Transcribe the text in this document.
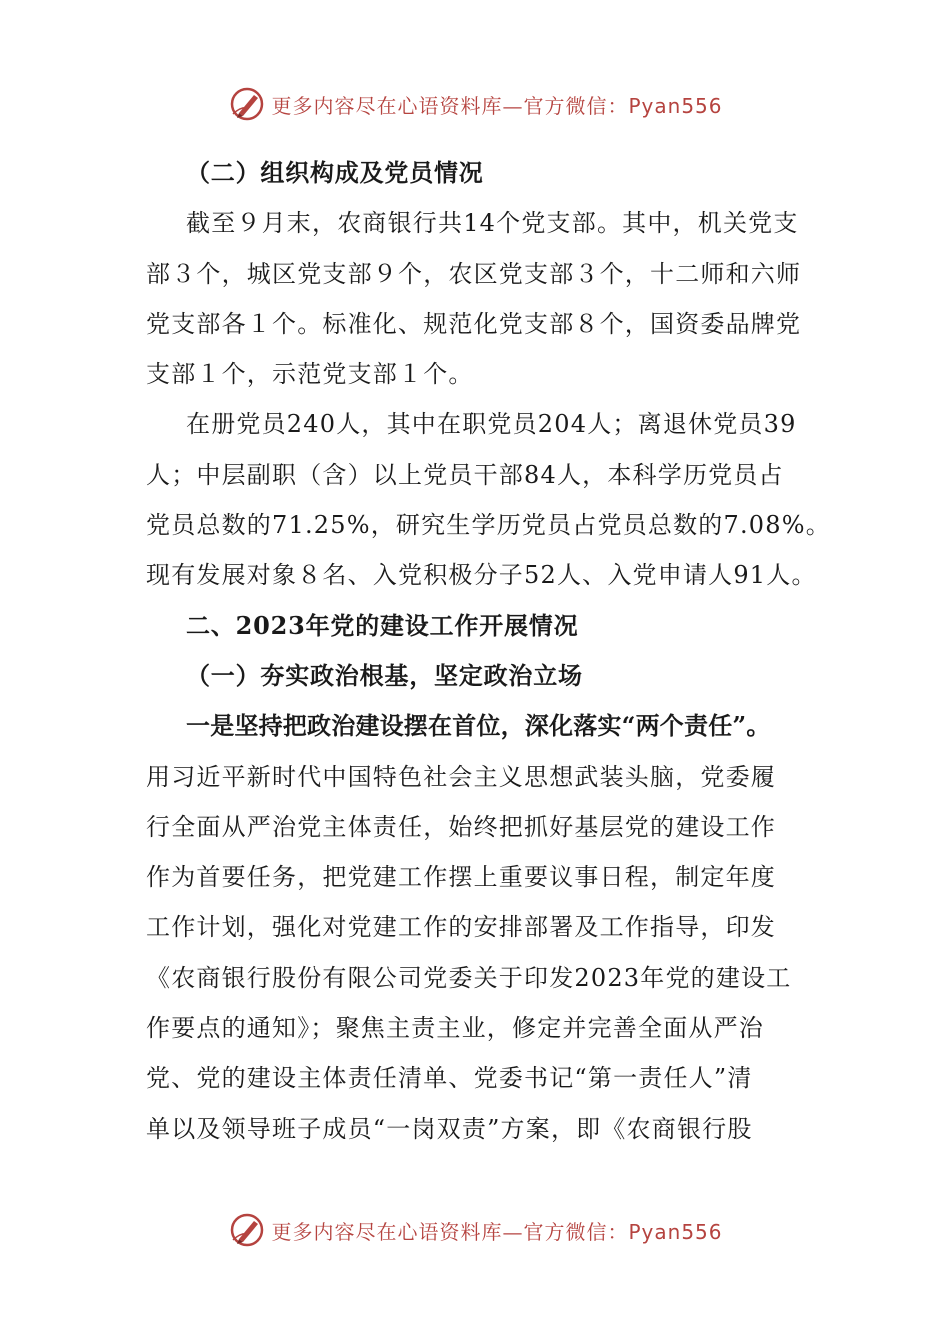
更多内容尽在心语资料库—官方微信：Pyan556
（二）组织构成及党员情况
截至９月末，农商银行共14个党支部。其中，机关党支
部３个，城区党支部９个，农区党支部３个，十二师和六师
党支部各１个。标准化、规范化党支部８个，国资委品牌党
支部１个，示范党支部１个。
在册党员240人，其中在职党员204人；离退休党员39
人；中层副职（含）以上党员干部84人，本科学历党员占
党员总数的71.25%，研究生学历党员占党员总数的7.08%。
现有发展对象８名、入党积极分子52人、入党申请人91人。
二、2023年党的建设工作开展情况
（一）夯实政治根基，坚定政治立场
一是坚持把政治建设摆在首位，深化落实“两个责任”。
用习近平新时代中国特色社会主义思想武装头脑，党委履
行全面从严治党主体责任，始终把抓好基层党的建设工作
作为首要任务，把党建工作摆上重要议事日程，制定年度
工作计划，强化对党建工作的安排部署及工作指导，印发
《农商银行股份有限公司党委关于印发2023年党的建设工
作要点的通知》；聚焦主责主业，修定并完善全面从严治
党、党的建设主体责任清单、党委书记“第一责任人”清
单以及领导班子成员“一岗双责”方案，即《农商银行股
更多内容尽在心语资料库—官方微信：Pyan556
